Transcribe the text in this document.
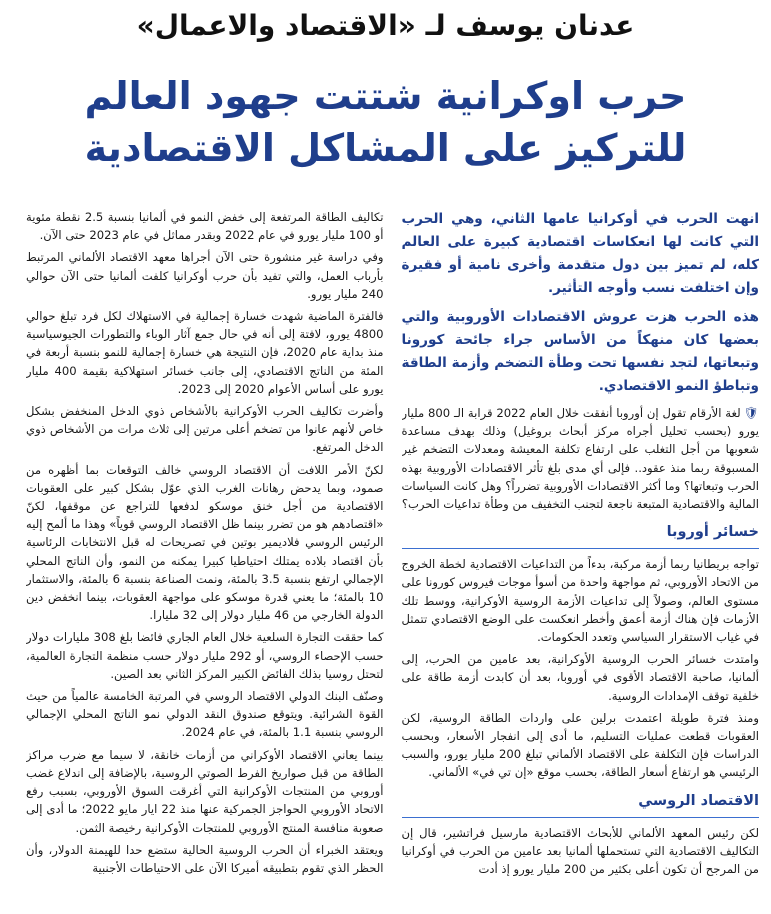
عدنان يوسف لـ «الاقتصاد والاعمال»
حرب اوكرانية شتتت جهود العالم
للتركيز على المشاكل الاقتصادية

انهت الحرب في أوكرانيا عامها الثاني، وهي الحرب التي كانت لها انعكاسات اقتصادية كبيرة على العالم كله، لم تميز بين دول متقدمة وأخرى نامية أو فقيرة وإن اختلفت نسب وأوجه التأثير.

هذه الحرب هزت عروش الاقتصادات الأوروبية والتي بعضها كان منهكاً من الأساس جراء جائحة كورونا وتبعاتها، لتجد نفسها تحت وطأة التضخم وأزمة الطاقة وتباطؤ النمو الاقتصادي.

🛡لغة الأرقام تقول إن أوروبا أنفقت خلال العام 2022 قرابة الـ 800 مليار يورو (بحسب تحليل أجراه مركز أبحاث بروغيل) وذلك بهدف مساعدة شعوبها من أجل التغلب على ارتفاع تكلفة المعيشة ومعدلات التضخم غير المسبوقة ربما منذ عقود.. فإلى أي مدى بلغ تأثر الاقتصادات الأوروبية بهذه الحرب وتبعاتها؟ وما أكثر الاقتصادات الأوروبية تضرراً؟ وهل كانت السياسات المالية والاقتصادية المتبعة ناجعة لتجنب التخفيف من وطأة تداعيات الحرب؟

خسائر أوروبا

تواجه بريطانيا ربما أزمة مركبة، بدءاً من التداعيات الاقتصادية لخطة الخروج من الاتحاد الأوروبي، ثم مواجهة واحدة من أسوأ موجات فيروس كورونا على مستوى العالم، وصولاً إلى تداعيات الأزمة الروسية الأوكرانية، ووسط تلك الأزمات فإن هناك أزمة أعمق وأخطر انعكست على الوضع الاقتصادي تتمثل في غياب الاستقرار السياسي وتعدد الحكومات.

وامتدت خسائر الحرب الروسية الأوكرانية، بعد عامين من الحرب، إلى ألمانيا، صاحبة الاقتصاد الأقوى في أوروبا، بعد أن كابدت أزمة طاقة على خلفية توقف الإمدادات الروسية.

ومنذ فترة طويلة اعتمدت برلين على واردات الطاقة الروسية، لكن العقوبات قطعت عمليات التسليم، ما أدى إلى انفجار الأسعار، وبحسب الدراسات فإن التكلفة على الاقتصاد الألماني تبلغ 200 مليار يورو، والسبب الرئيسي هو ارتفاع أسعار الطاقة، بحسب موقع «إن تي في» الألماني.

الاقتصاد الروسي

لكن رئيس المعهد الألماني للأبحاث الاقتصادية مارسيل فراتشير، قال إن التكاليف الاقتصادية التي تستحملها ألمانيا بعد عامين من الحرب في أوكرانيا من المرجح أن تكون أعلى بكثير من 200 مليار يورو إذ أدت

تكاليف الطاقة المرتفعة إلى خفض النمو في ألمانيا بنسبة 2.5 نقطة مئوية أو 100 مليار يورو في عام 2022 وبقدر مماثل في عام 2023 حتى الآن.

وفي دراسة غير منشورة حتى الآن أجراها معهد الاقتصاد الألماني المرتبط بأرباب العمل، والتي تفيد بأن حرب أوكرانيا كلفت ألمانيا حتى الآن حوالي 240 مليار يورو.

فالفترة الماضية شهدت خسارة إجمالية في الاستهلاك لكل فرد تبلغ حوالي 4800 يورو، لافتة إلى أنه في حال جمع آثار الوباء والتطورات الجيوسياسية منذ بداية عام 2020، فإن النتيجة هي خسارة إجمالية للنمو بنسبة أربعة في المئة من الناتج الاقتصادي، إلى جانب خسائر استهلاكية بقيمة 400 مليار يورو على أساس الأعوام 2020 إلى 2023.

وأضرت تكاليف الحرب الأوكرانية بالأشخاص ذوي الدخل المنخفض بشكل خاص لأنهم عانوا من تضخم أعلى مرتين إلى ثلاث مرات من الأشخاص ذوي الدخل المرتفع.

لكنّ الأمر اللافت أن الاقتصاد الروسي خالف التوقعات بما أظهره من صمود، وبما يدحض رهانات الغرب الذي عوّل بشكل كبير على العقوبات الاقتصادية من أجل خنق موسكو لدفعها للتراجع عن موقفها، لكنّ «اقتصادهم هو من تضرر بينما ظل الاقتصاد الروسي قوياً» وهذا ما ألمح إليه الرئيس الروسي فلاديمير بوتين في تصريحات له قبل الانتخابات الرئاسية بأن اقتصاد بلاده يمتلك احتياطيا كبيرا يمكنه من النمو، وأن الناتج المحلي الإجمالي ارتفع بنسبة 3.5 بالمئة، ونمت الصناعة بنسبة 6 بالمئة، والاستثمار 10 بالمئة؛ ما يعني قدرة موسكو على مواجهة العقوبات، بينما انخفض دين الدولة الخارجي من 46 مليار دولار إلى 32 مليارا.

كما حققت التجارة السلعية خلال العام الجاري فائضا بلغ 308 مليارات دولار حسب الإحصاء الروسي، أو 292 مليار دولار حسب منظمة التجارة العالمية، لتحتل روسيا بذلك الفائض الكبير المركز الثاني بعد الصين.

وصنّف البنك الدولي الاقتصاد الروسي في المرتبة الخامسة عالمياً من حيث القوة الشرائية. ويتوقع صندوق النقد الدولي نمو الناتج المحلي الإجمالي الروسي بنسبة 1.1 بالمئة، في عام 2024.

بينما يعاني الاقتصاد الأوكراني من أزمات خانقة، لا سيما مع ضرب مراكز الطاقة من قبل صواريخ الفرط الصوتي الروسية، بالإضافة إلى اندلاع غضب أوروبي من المنتجات الأوكرانية التي أغرقت السوق الأوروبي، بسبب رفع الاتحاد الأوروبي الحواجز الجمركية عنها منذ 22 ايار مايو 2022؛ ما أدى إلى صعوبة منافسة المنتج الأوروبي للمنتجات الأوكرانية رخيصة الثمن.

ويعتقد الخبراء أن الحرب الروسية الحالية ستضع حدا للهيمنة الدولار، وأن الحظر الذي تقوم بتطبيقه أميركا الآن على الاحتياطات الأجنبية
